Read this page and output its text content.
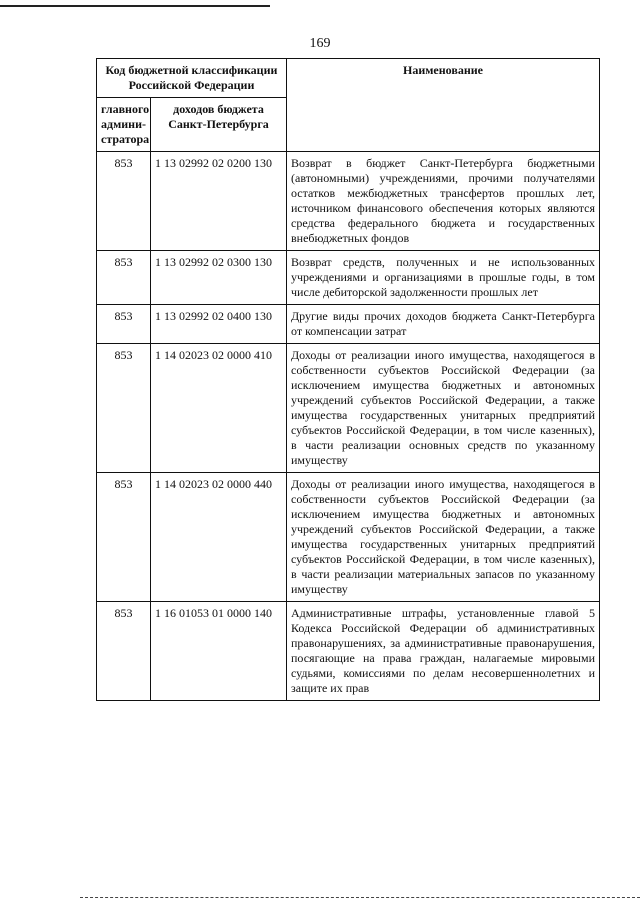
169
Код бюджетной классификации Российской Федерации		Наименование
главного админи-стратора	доходов бюджета Санкт-Петербурга	
853	1 13 02992 02 0200 130	Возврат в бюджет Санкт-Петербурга бюджетными (автономными) учреждениями, прочими получателями остатков межбюджетных трансфертов прошлых лет, источником финансового обеспечения которых являются средства федерального бюджета и государственных внебюджетных фондов
853	1 13 02992 02 0300 130	Возврат средств, полученных и не использованных учреждениями и организациями в прошлые годы, в том числе дебиторской задолженности прошлых лет
853	1 13 02992 02 0400 130	Другие виды прочих доходов бюджета Санкт-Петербурга от компенсации затрат
853	1 14 02023 02 0000 410	Доходы от реализации иного имущества, находящегося в собственности субъектов Российской Федерации (за исключением имущества бюджетных и автономных учреждений субъектов Российской Федерации, а также имущества государственных унитарных предприятий субъектов Российской Федерации, в том числе казенных), в части реализации основных средств по указанному имуществу
853	1 14 02023 02 0000 440	Доходы от реализации иного имущества, находящегося в собственности субъектов Российской Федерации (за исключением имущества бюджетных и автономных учреждений субъектов Российской Федерации, а также имущества государственных унитарных предприятий субъектов Российской Федерации, в том числе казенных), в части реализации материальных запасов по указанному имуществу
853	1 16 01053 01 0000 140	Административные штрафы, установленные главой 5 Кодекса Российской Федерации об административных правонарушениях, за административные правонарушения, посягающие на права граждан, налагаемые мировыми судьями, комиссиями по делам несовершеннолетних и защите их прав
